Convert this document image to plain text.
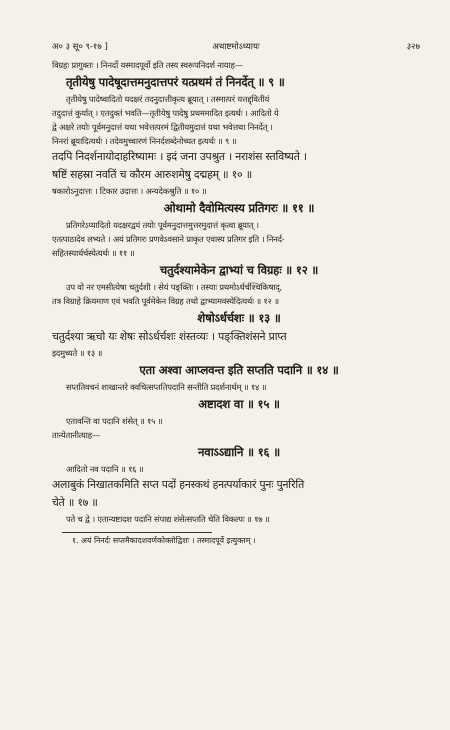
अ० ३ सू० ९-१७ ]	अथाष्टमोऽध्यायः	३२७
विग्रहः प्रागुक्तः । निनर्दो यस्मादपूर्वो इति तस्य स्वरूपनिदर्श नायाह—
तृतीयेषु पादेषूदात्तमनुदात्तपरं यत्प्रथमं तं निनर्देत् ॥ ९ ॥
तृतीयेषु पादेष्वादितो यदक्षरं तदनुदात्तीकृत्य ब्रूयात् । तस्मात्परं यत्तद्द्वितीयं
तदुदात्तं कुर्यात् । एतदुक्तं भवति—तृतीयेषु पादेषु प्रथममादित इत्यर्थः । आदितो ये
द्वे अक्षरे तयोः पूर्वमनुदात्तं यथा भवेत्तत्परमं द्वितीयमुदात्तं यथा भवेत्तथा निनर्देत् ।
निनरां ब्रूयादित्यर्थः । तदेवमुच्चारणं निनर्दशब्देनोच्यत इत्यर्थः ॥ ९ ॥
तदपि निदर्शनायोदाहरिष्यामः । इदं जना उपश्रुत । नराशंस स्तविष्यते ।
षष्टिं सहस्रा नवतिं च कौरम आरुशमेषु दद्महम् ॥ १० ॥
षकारोऽनुदात्तः । टिकार उदात्तः । अन्यदेकश्रुति ॥ १० ॥
ओथामो दैवोमित्यस्य प्रतिगरः ॥ ११ ॥
प्रतिगरेऽप्यादितो यदक्षरद्वयं तयोः पूर्वमनुदात्तमुत्तरमुदात्तं कृत्वा ब्रूयात् ।
एतत्पाठादेव लभ्यते । अयं प्रतिगरः प्रणवेऽवसाने प्राकृत एवास्य प्रतिगर इति । निनर्द-
सहितस्यार्धर्चस्येत्यर्थः ॥ ११ ॥
चतुर्दश्यामेकेन द्वाभ्यां च विग्रहः ॥ १२ ॥
उप वो नर एमसीत्येषा चतुर्दशी । सेयं पङ्क्तिः । तस्याः प्रथमोऽर्धर्चश्चिकिषाद्,
तत्र विग्राहे क्रियमाण एवं भवति पूर्वमेकेन विग्रह तथो द्वाभ्यामवस्येदित्यर्थः ॥ १२ ॥
शेषोऽर्धर्चशः ॥ १३ ॥
चतुर्दश्या ऋचो यः शेषः सोऽर्धर्चशः शंस्तव्यः । पङ्क्तिशंसने प्राप्त
इदमुच्यते ॥ १३ ॥
एता अश्वा आप्लवन्त इति सप्तति पदानि ॥ १४ ॥
सप्ततिवचनं शाखान्तरे क्वचित्सप्ततिपदानि सन्तीति प्रदर्शनार्थम् ॥ १४ ॥
अष्टादश वा ॥ १५ ॥
एतावन्ति वा पदानि शंसेत् ॥ १५ ॥
तान्येतानीत्याह—
नवाऽऽद्यानि ॥ १६ ॥
आदितो नव पदानि ॥ १६ ॥
अलाबुकं निखातकमिति सप्त पदों हनस्कथं हनत्पर्याकारं पुनः पुनरिति
चेते ॥ १७ ॥
पते च द्वे । एतान्यष्टादश पदानि संपाद्य शंसेत्सप्तति चेति विकल्पः ॥ १७ ॥
१. अयं निनर्दः सप्तमैकादशवर्णकोक्तोद्विशः । तस्मादपूर्वे इत्युक्तम् ।
